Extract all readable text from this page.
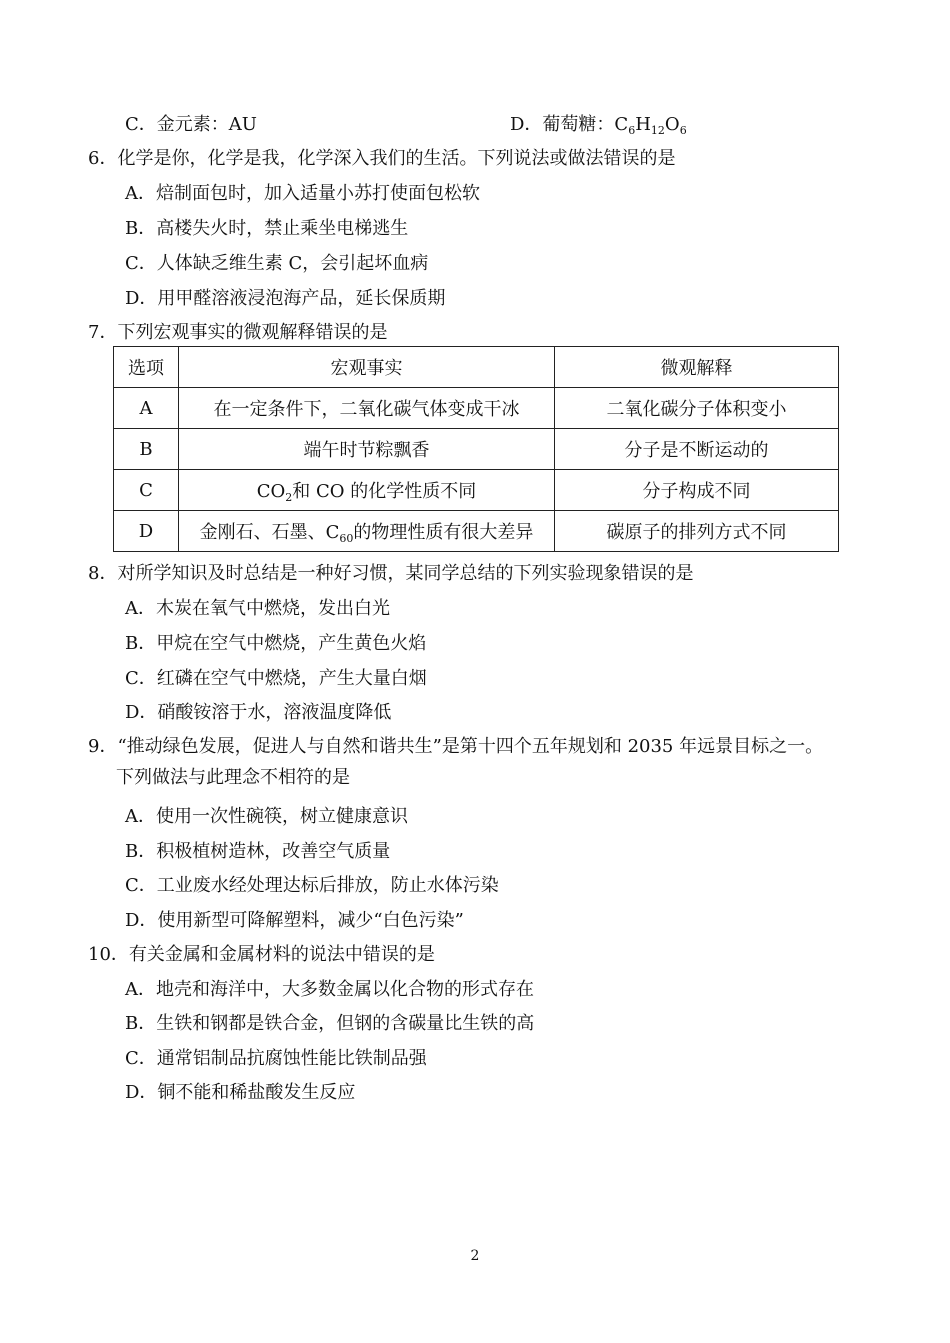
C．金元素：AU	D．葡萄糖：$C_6H_{12}O_6$
6．化学是你，化学是我，化学深入我们的生活。下列说法或做法错误的是
A．焙制面包时，加入适量小苏打使面包松软
B．高楼失火时，禁止乘坐电梯逃生
C．人体缺乏维生素 C，会引起坏血病
D．用甲醛溶液浸泡海产品，延长保质期
7．下列宏观事实的微观解释错误的是
选项	宏观事实	微观解释
A	在一定条件下，二氧化碳气体变成干冰	二氧化碳分子体积变小
B	端午时节粽飘香	分子是不断运动的
C	$CO_2$和 CO 的化学性质不同	分子构成不同
D	金刚石、石墨、$C_{60}$的物理性质有很大差异	碳原子的排列方式不同
8．对所学知识及时总结是一种好习惯，某同学总结的下列实验现象错误的是
A．木炭在氧气中燃烧，发出白光
B．甲烷在空气中燃烧，产生黄色火焰
C．红磷在空气中燃烧，产生大量白烟
D．硝酸铵溶于水，溶液温度降低
9．“推动绿色发展，促进人与自然和谐共生”是第十四个五年规划和 2035 年远景目标之一。
下列做法与此理念不相符的是
A．使用一次性碗筷，树立健康意识
B．积极植树造林，改善空气质量
C．工业废水经处理达标后排放，防止水体污染
D．使用新型可降解塑料，减少“白色污染”
10．有关金属和金属材料的说法中错误的是
A．地壳和海洋中，大多数金属以化合物的形式存在
B．生铁和钢都是铁合金，但钢的含碳量比生铁的高
C．通常铝制品抗腐蚀性能比铁制品强
D．铜不能和稀盐酸发生反应
2
